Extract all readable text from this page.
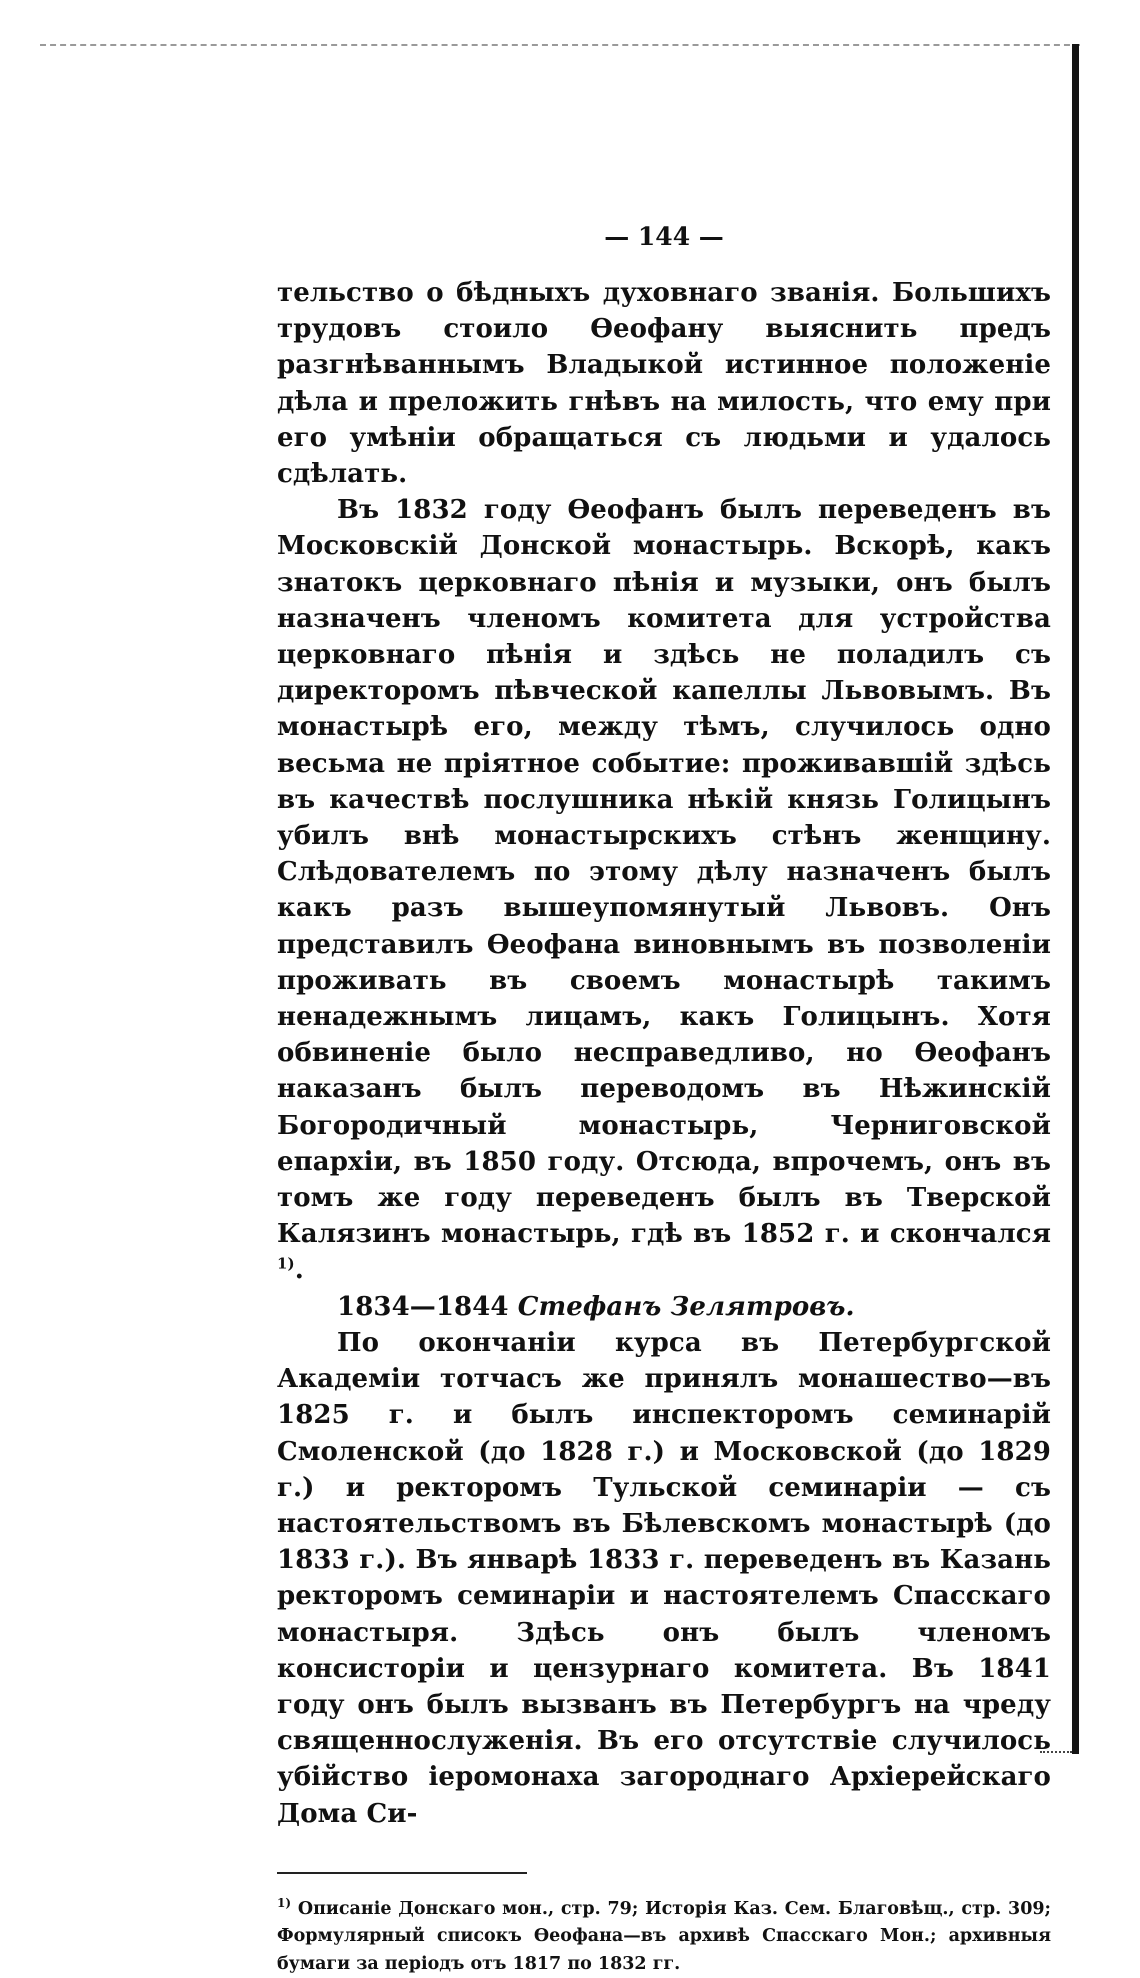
— 144 —

тельство о бѣдныхъ духовнаго званія. Большихъ трудовъ стоило Ѳеофану выяснить предъ разгнѣваннымъ Владыкой истинное положеніе дѣла и преложить гнѣвъ на милость, что ему при его умѣніи обращаться съ людьми и удалось сдѣлать.

Въ 1832 году Ѳеофанъ былъ переведенъ въ Московскій Донской монастырь. Вскорѣ, какъ знатокъ церковнаго пѣнія и музыки, онъ былъ назначенъ членомъ комитета для устройства церковнаго пѣнія и здѣсь не поладилъ съ директоромъ пѣвческой капеллы Львовымъ. Въ монастырѣ его, между тѣмъ, случилось одно весьма не пріятное событие: проживавшій здѣсь въ качествѣ послушника нѣкій князь Голицынъ убилъ внѣ монастырскихъ стѣнъ женщину. Слѣдователемъ по этому дѣлу назначенъ былъ какъ разъ вышеупомянутый Львовъ. Онъ представилъ Ѳеофана виновнымъ въ позволеніи проживать въ своемъ монастырѣ такимъ ненадежнымъ лицамъ, какъ Голицынъ. Хотя обвиненіе было несправедливо, но Ѳеофанъ наказанъ былъ переводомъ въ Нѣжинскій Богородичный монастырь, Черниговской епархіи, въ 1850 году. Отсюда, впрочемъ, онъ въ томъ же году переведенъ былъ въ Тверской Калязинъ монастырь, гдѣ въ 1852 г. и скончался $^{1)}$.

1834—1844 Стефанъ Зелятровъ.

По окончаніи курса въ Петербургской Академіи тотчасъ же принялъ монашество—въ 1825 г. и былъ инспекторомъ семинарій Смоленской (до 1828 г.) и Московской (до 1829 г.) и ректоромъ Тульской семинаріи — съ настоятельствомъ въ Бѣлевскомъ монастырѣ (до 1833 г.). Въ январѣ 1833 г. переведенъ въ Казань ректоромъ семинаріи и настоятелемъ Спасскаго монастыря. Здѣсь онъ былъ членомъ консисторіи и цензурнаго комитета. Въ 1841 году онъ былъ вызванъ въ Петербургъ на чреду священнослуженія. Въ его отсутствіе случилось убійство іеромонаха загороднаго Архіерейскаго Дома Си-

$^{1)}$ Описаніе Донскаго мон., стр. 79; Исторія Каз. Сем. Благовѣщ., стр. 309; Формулярный списокъ Ѳеофана—въ архивѣ Спасскаго Мон.; архивныя бумаги за періодъ отъ 1817 по 1832 гг.
